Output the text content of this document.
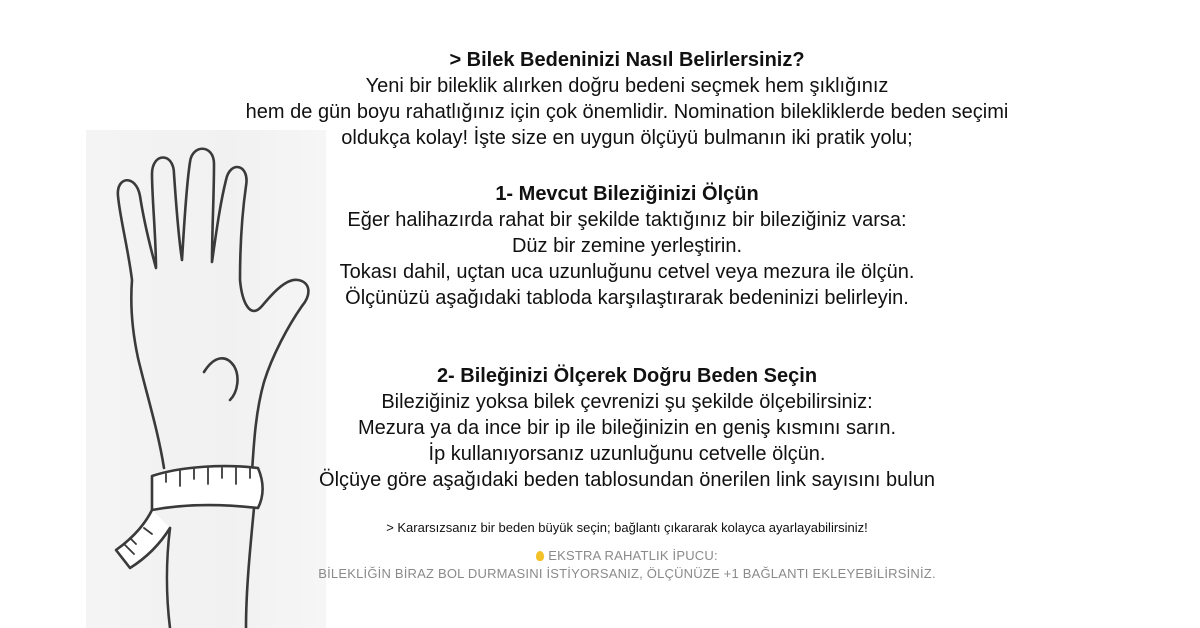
> Bilek Bedeninizi Nasıl Belirlersiniz?
Yeni bir bileklik alırken doğru bedeni seçmek hem şıklığınız
hem de gün boyu rahatlığınız için çok önemlidir. Nomination bilekliklerde beden seçimi
oldukça kolay! İşte size en uygun ölçüyü bulmanın iki pratik yolu;
1- Mevcut Bileziğinizi Ölçün
Eğer halihazırda rahat bir şekilde taktığınız bir bileziğiniz varsa:
Düz bir zemine yerleştirin.
Tokası dahil, uçtan uca uzunluğunu cetvel veya mezura ile ölçün.
Ölçünüzü aşağıdaki tabloda karşılaştırarak bedeninizi belirleyin.
2- Bileğinizi Ölçerek Doğru Beden Seçin
Bileziğiniz yoksa bilek çevrenizi şu şekilde ölçebilirsiniz:
Mezura ya da ince bir ip ile bileğinizin en geniş kısmını sarın.
İp kullanıyorsanız uzunluğunu cetvelle ölçün.
Ölçüye göre aşağıdaki beden tablosundan önerilen link sayısını bulun
> Kararsızsanız bir beden büyük seçin; bağlantı çıkararak kolayca ayarlayabilirsiniz!
EKSTRA RAHATLIK İPUCU:
BİLEKLİĞİN BİRAZ BOL DURMASINI İSTİYORSANIZ, ÖLÇÜNÜZE +1 BAĞLANTI EKLEYEBİLİRSİNİZ.
